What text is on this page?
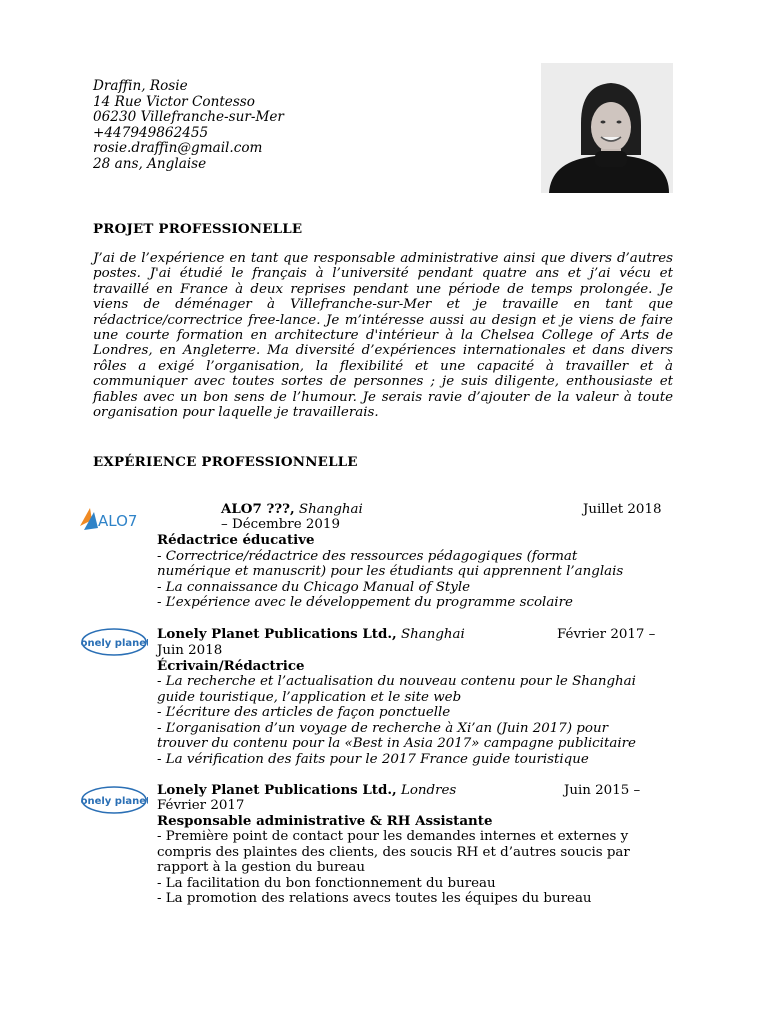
Draffin, Rosie
14 Rue Victor Contesso
06230 Villefranche-sur-Mer
+447949862455
rosie.draffin@gmail.com
28 ans, Anglaise
PROJET PROFESSIONELLE
J’ai de l’expérience en tant que responsable administrative ainsi que divers d’autres postes. J'ai étudié le français à l’université pendant quatre ans et j’ai vécu et travaillé en France à deux reprises pendant une période de temps prolongée. Je viens de déménager à Villefranche-sur-Mer et je travaille en tant que rédactrice/correctrice free-lance. Je m’intéresse aussi au design et je viens de faire une courte formation en architecture d'intérieur à la Chelsea College of Arts de Londres, en Angleterre. Ma diversité d’expériences internationales et dans divers rôles a exigé l’organisation, la flexibilité et une capacité à travailler et à communiquer avec toutes sortes de personnes ; je suis diligente, enthousiaste et fiables avec un bon sens de l’humour. Je serais ravie d’ajouter de la valeur à toute organisation pour laquelle je travaillerais.
EXPÉRIENCE PROFESSIONNELLE
ALO7
ALO7 ???, Shanghai	Juillet 2018
– Décembre 2019
Rédactrice éducative
- Correctrice/rédactrice des ressources pédagogiques (format
numérique et manuscrit) pour les étudiants qui apprennent l’anglais
- La connaissance du Chicago Manual of Style
- L’expérience avec le développement du programme scolaire
lonely planet
Lonely Planet Publications Ltd., Shanghai	Février 2017 –
Juin 2018
Écrivain/Rédactrice
- La recherche et l’actualisation du nouveau contenu pour le Shanghai
guide touristique, l’application et le site web
- L’écriture des articles de façon ponctuelle
- L’organisation d’un voyage de recherche à Xi’an (Juin 2017) pour
trouver du contenu pour la «Best in Asia 2017» campagne publicitaire
- La vérification des faits pour le 2017 France guide touristique
lonely planet
Lonely Planet Publications Ltd., Londres	Juin 2015 –
Février 2017
Responsable administrative & RH Assistante
- Première point de contact pour les demandes internes et externes y
compris des plaintes des clients, des soucis RH et d’autres soucis par
rapport à la gestion du bureau
- La facilitation du bon fonctionnement du bureau
- La promotion des relations avecs toutes les équipes du bureau
